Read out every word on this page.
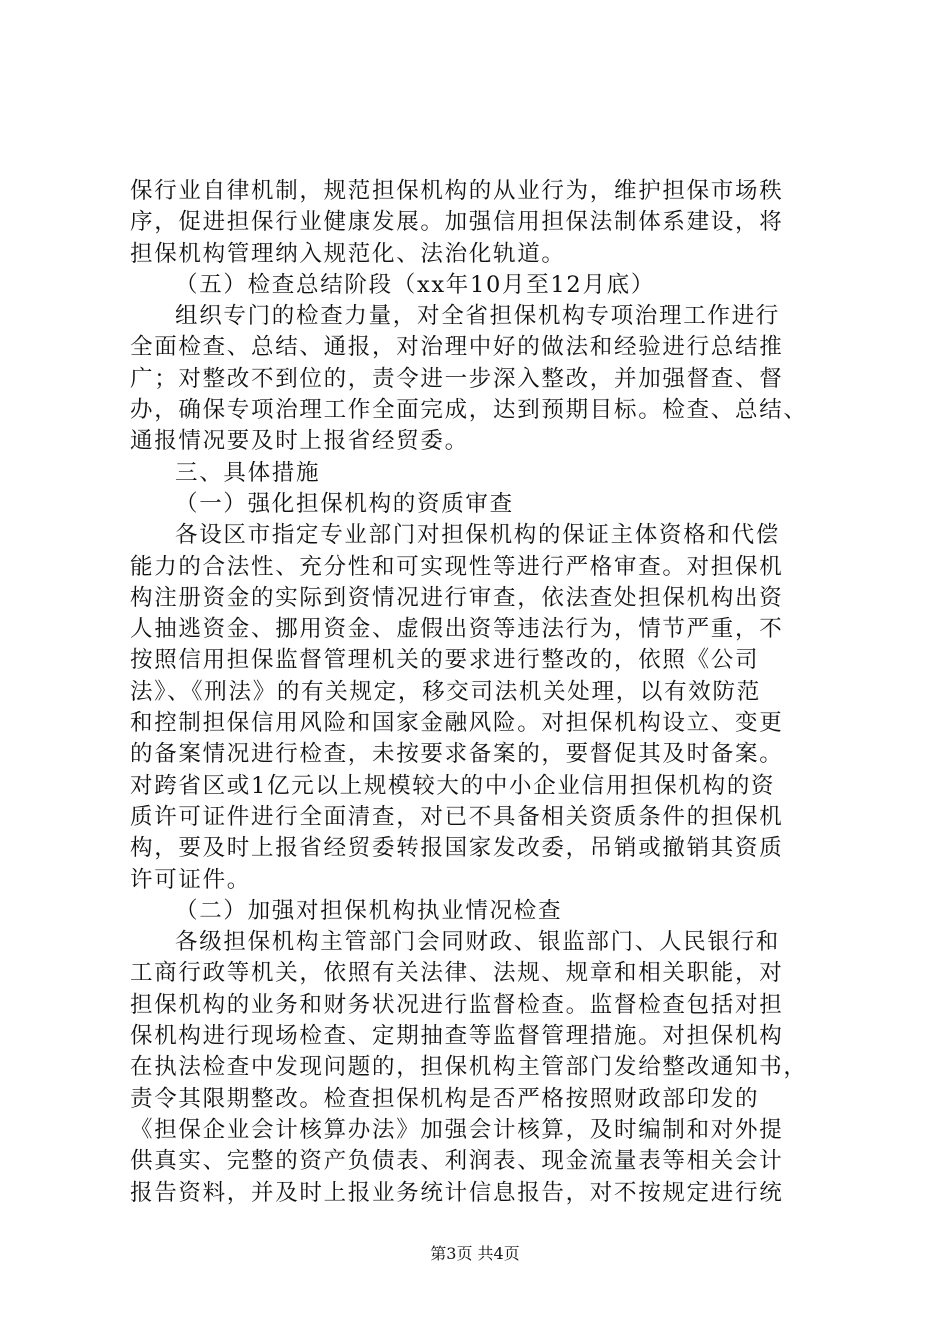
保行业自律机制，规范担保机构的从业行为，维护担保市场秩
序，促进担保行业健康发展。加强信用担保法制体系建设，将
担保机构管理纳入规范化、法治化轨道。
（五）检查总结阶段（xx年10月至12月底）
组织专门的检查力量，对全省担保机构专项治理工作进行
全面检查、总结、通报，对治理中好的做法和经验进行总结推
广；对整改不到位的，责令进一步深入整改，并加强督查、督
办，确保专项治理工作全面完成，达到预期目标。检查、总结、
通报情况要及时上报省经贸委。
三、具体措施
（一）强化担保机构的资质审查
各设区市指定专业部门对担保机构的保证主体资格和代偿
能力的合法性、充分性和可实现性等进行严格审查。对担保机
构注册资金的实际到资情况进行审查，依法查处担保机构出资
人抽逃资金、挪用资金、虚假出资等违法行为，情节严重，不
按照信用担保监督管理机关的要求进行整改的，依照《公司
法》、《刑法》的有关规定，移交司法机关处理，以有效防范
和控制担保信用风险和国家金融风险。对担保机构设立、变更
的备案情况进行检查，未按要求备案的，要督促其及时备案。
对跨省区或1亿元以上规模较大的中小企业信用担保机构的资
质许可证件进行全面清查，对已不具备相关资质条件的担保机
构，要及时上报省经贸委转报国家发改委，吊销或撤销其资质
许可证件。
（二）加强对担保机构执业情况检查
各级担保机构主管部门会同财政、银监部门、人民银行和
工商行政等机关，依照有关法律、法规、规章和相关职能，对
担保机构的业务和财务状况进行监督检查。监督检查包括对担
保机构进行现场检查、定期抽查等监督管理措施。对担保机构
在执法检查中发现问题的，担保机构主管部门发给整改通知书，
责令其限期整改。检查担保机构是否严格按照财政部印发的
《担保企业会计核算办法》加强会计核算，及时编制和对外提
供真实、完整的资产负债表、利润表、现金流量表等相关会计
报告资料，并及时上报业务统计信息报告，对不按规定进行统
第3页 共4页
